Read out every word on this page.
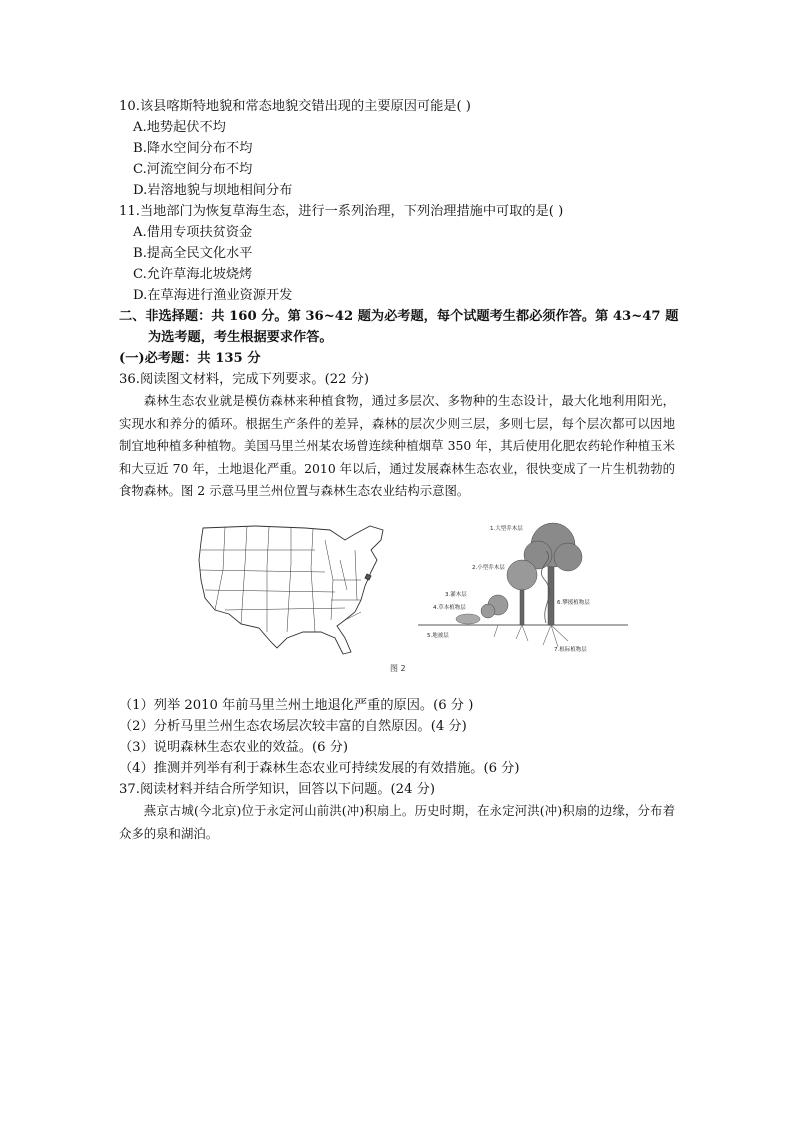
10.该县喀斯特地貌和常态地貌交错出现的主要原因可能是( )
A.地势起伏不均
B.降水空间分布不均
C.河流空间分布不均
D.岩溶地貌与坝地相间分布
11.当地部门为恢复草海生态，进行一系列治理，下列治理措施中可取的是( )
A.借用专项扶贫资金
B.提高全民文化水平
C.允许草海北坡烧烤
D.在草海进行渔业资源开发
二、非选择题：共 160 分。第 36~42 题为必考题，每个试题考生都必须作答。第 43~47 题
为选考题，考生根据要求作答。
(一)必考题：共 135 分
36.阅读图文材料，完成下列要求。(22 分)

森林生态农业就是模仿森林来种植食物，通过多层次、多物种的生态设计，最大化地利用阳光，实现水和养分的循环。根据生产条件的差异，森林的层次少则三层，多则七层，每个层次都可以因地制宜地种植多种植物。美国马里兰州某农场曾连续种植烟草 350 年，其后使用化肥农药轮作种植玉米和大豆近 70 年，土地退化严重。2010 年以后，通过发展森林生态农业，很快变成了一片生机勃勃的食物森林。图 2 示意马里兰州位置与森林生态农业结构示意图。

1.大型乔木层
2.小型乔木层
3.灌木层
4.草本植物层
5.地被层
6.攀援植物层
7.根际植物层
图 2
（1）列举 2010 年前马里兰州土地退化严重的原因。(6 分 )
（2）分析马里兰州生态农场层次较丰富的自然原因。(4 分)
（3）说明森林生态农业的效益。(6 分)
（4）推测并列举有利于森林生态农业可持续发展的有效措施。(6 分)
37.阅读材料并结合所学知识，回答以下问题。(24 分)

燕京古城(今北京)位于永定河山前洪(冲)积扇上。历史时期，在永定河洪(冲)积扇的边缘，分布着众多的泉和湖泊。
